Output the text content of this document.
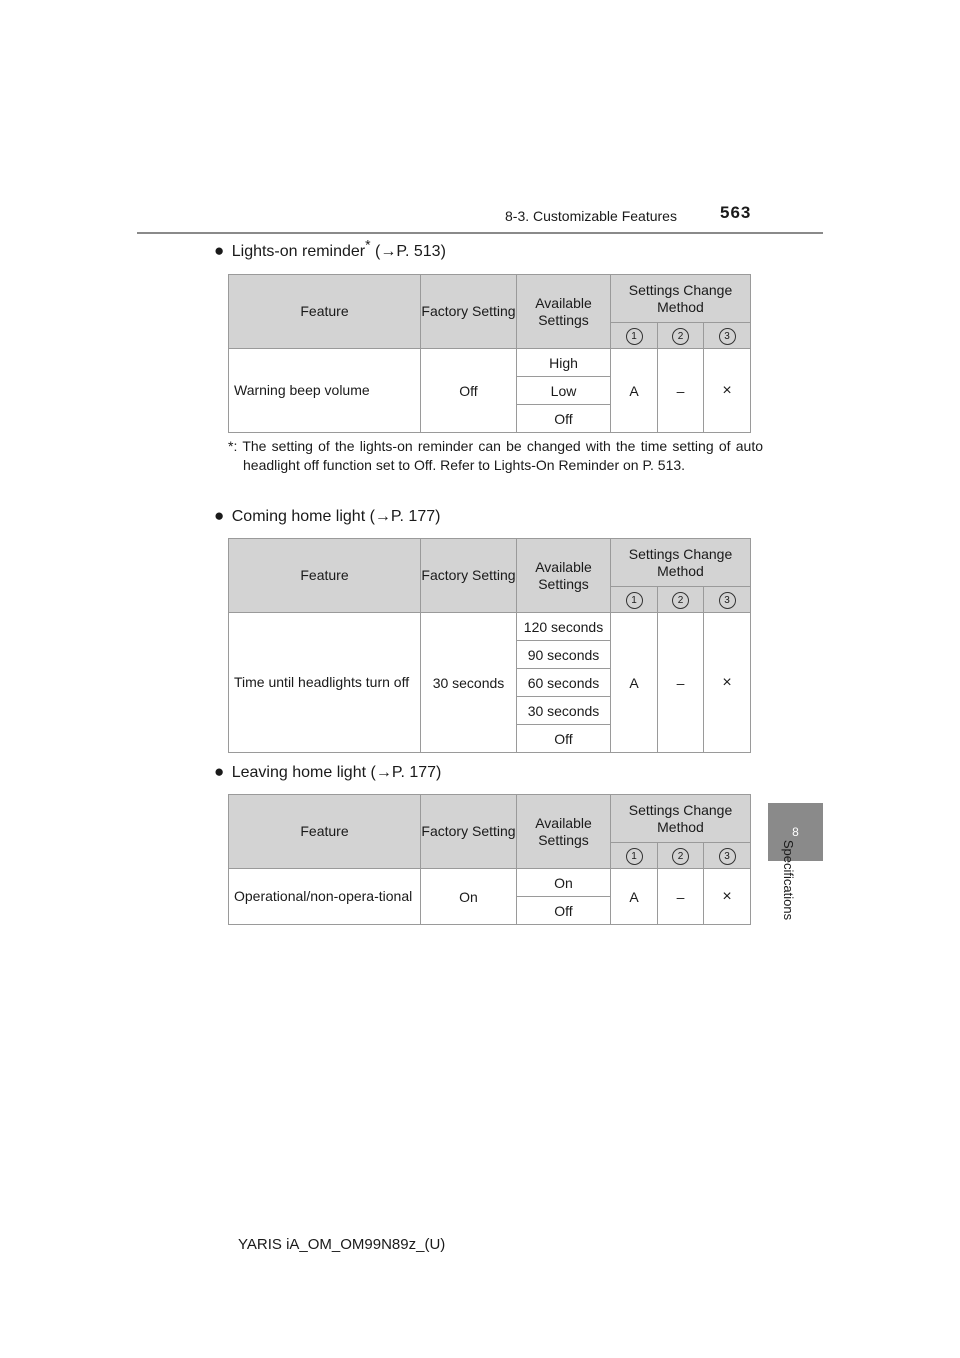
8-3. Customizable Features	563
8
Specifications
● Lights-on reminder* (→P. 513)
Feature	Factory Setting	Available Settings	Settings Change Method		
			1	2	3
Warning beep volume	Off	High	A	–	×
		Low			
		Off			
*: The setting of the lights-on reminder can be changed with the time setting of auto headlight off function set to Off. Refer to Lights-On Reminder on P. 513.
● Coming home light (→P. 177)
Feature	Factory Setting	Available Settings	Settings Change Method		
			1	2	3
Time until headlights turn off	30 seconds	120 seconds	A	–	×
		90 seconds			
		60 seconds			
		30 seconds			
		Off			
● Leaving home light (→P. 177)
Feature	Factory Setting	Available Settings	Settings Change Method		
			1	2	3
Operational/non-opera-tional	On	On	A	–	×
		Off			
YARIS iA_OM_OM99N89z_(U)
